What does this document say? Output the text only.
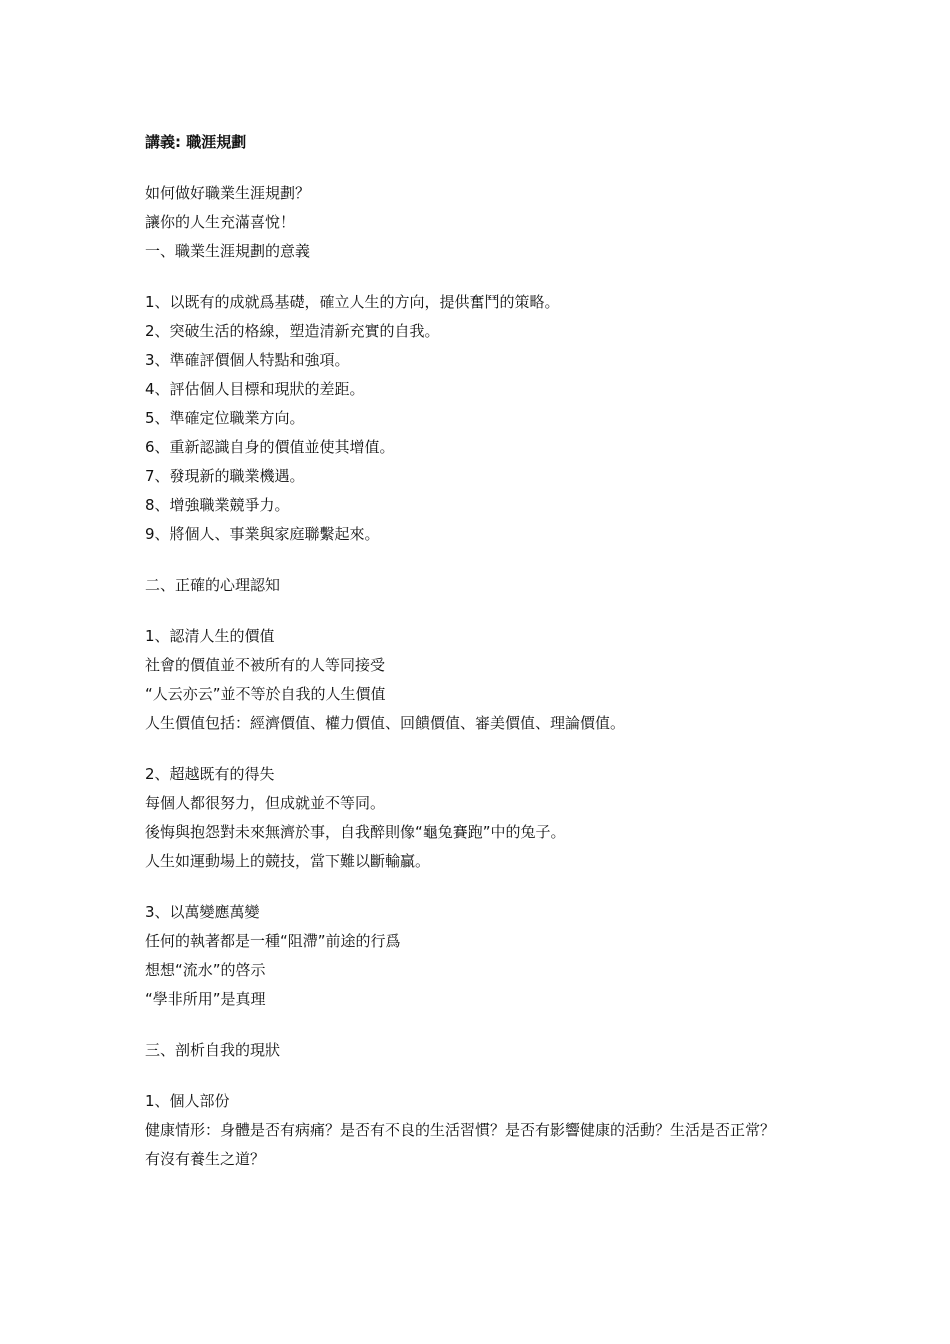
講義: 職涯規劃
如何做好職業生涯規劃？
讓你的人生充滿喜悅！
一、職業生涯規劃的意義
1、以既有的成就爲基礎，確立人生的方向，提供奮鬥的策略。
2、突破生活的格線，塑造清新充實的自我。
3、準確評價個人特點和強項。
4、評估個人目標和現狀的差距。
5、準確定位職業方向。
6、重新認識自身的價值並使其增值。
7、發現新的職業機遇。
8、增強職業競爭力。
9、將個人、事業與家庭聯繫起來。
二、正確的心理認知
1、認清人生的價值
社會的價值並不被所有的人等同接受
“人云亦云”並不等於自我的人生價值
人生價值包括：經濟價值、權力價值、回饋價值、審美價值、理論價值。
2、超越既有的得失
每個人都很努力，但成就並不等同。
後悔與抱怨對未來無濟於事，自我醉則像“龜兔賽跑”中的兔子。
人生如運動場上的競技，當下難以斷輸贏。
3、以萬變應萬變
任何的執著都是一種“阻滯”前途的行爲
想想“流水”的啓示
“學非所用”是真理
三、剖析自我的現狀
1、個人部份
健康情形：身體是否有病痛？是否有不良的生活習慣？是否有影響健康的活動？生活是否正常？
有沒有養生之道？
